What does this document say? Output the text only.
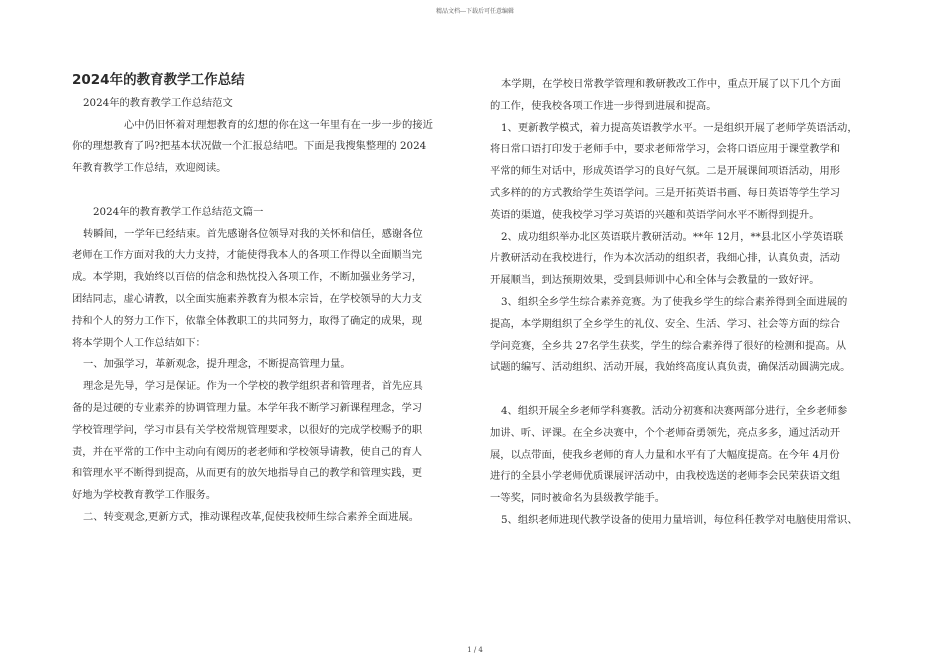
精品文档---下载后可任意编辑

2024年的教育教学工作总结

2024年的教育教学工作总结范文

心中仍旧怀着对理想教育的幻想的你在这一年里有在一步一步的接近

你的理想教育了吗?把基本状况做一个汇报总结吧。下面是我搜集整理的 2024

年教育教学工作总结，欢迎阅读。

2024年的教育教学工作总结范文篇一

转瞬间，一学年已经结束。首先感谢各位领导对我的关怀和信任，感谢各位

老师在工作方面对我的大力支持，才能使得我本人的各项工作得以全面顺当完

成。本学期，我始终以百倍的信念和热忱投入各项工作，不断加强业务学习，

团结同志，虚心请教，以全面实施素养教育为根本宗旨，在学校领导的大力支

持和个人的努力工作下，依靠全体教职工的共同努力，取得了确定的成果，现

将本学期个人工作总结如下：

一、加强学习，革新观念，提升理念，不断提高管理力量。

理念是先导，学习是保证。作为一个学校的教学组织者和管理者，首先应具

备的是过硬的专业素养的协调管理力量。本学年我不断学习新课程理念，学习

学校管理学问，学习市县有关学校常规管理要求，以很好的完成学校赐予的职

责，并在平常的工作中主动向有阅历的老老师和学校领导请教，使自己的育人

和管理水平不断得到提高，从而更有的放矢地指导自己的教学和管理实践，更

好地为学校教育教学工作服务。

二、转变观念,更新方式，推动课程改革,促使我校师生综合素养全面进展。

本学期，在学校日常教学管理和教研教改工作中，重点开展了以下几个方面

的工作，使我校各项工作进一步得到进展和提高。

1、更新教学模式，着力提高英语教学水平。一是组织开展了老师学英语活动，

将日常口语打印发于老师手中，要求老师常学习，会将口语应用于课堂教学和

平常的师生对话中，形成英语学习的良好气氛。二是开展课间项语活动，用形

式多样的的方式教给学生英语学问。三是开拓英语书画、每日英语等学生学习

英语的渠道，使我校学习学习英语的兴趣和英语学问水平不断得到提升。

2、成功组织举办北区英语联片教研活动。**年 12月，**县北区小学英语联

片教研活动在我校进行，作为本次活动的组织者，我细心排，认真负责，活动

开展顺当，到达预期效果，受到县师训中心和全体与会教量的一致好评。

3、组织全乡学生综合素养竞赛。为了使我乡学生的综合素养得到全面进展的

提高，本学期组织了全乡学生的礼仪、安全、生活、学习、社会等方面的综合

学问竞赛，全乡共 27名学生获奖，学生的综合素养得了很好的检测和提高。从

试题的编写、活动组织、活动开展，我始终高度认真负责，确保活动圆满完成。

4、组织开展全乡老师学科赛教。活动分初赛和决赛两部分进行，全乡老师参

加讲、听、评课。在全乡决赛中，个个老师奋勇领先，亮点多多，通过活动开

展，以点带面，使我乡老师的育人力量和水平有了大幅度提高。在今年 4月份

进行的全县小学老师优质课展评活动中，由我校选送的老师李会民荣获语文组

一等奖，同时被命名为县级教学能手。

5、组织老师进现代教学设备的使用力量培训，每位科任教学对电脑使用常识、

1 / 4
